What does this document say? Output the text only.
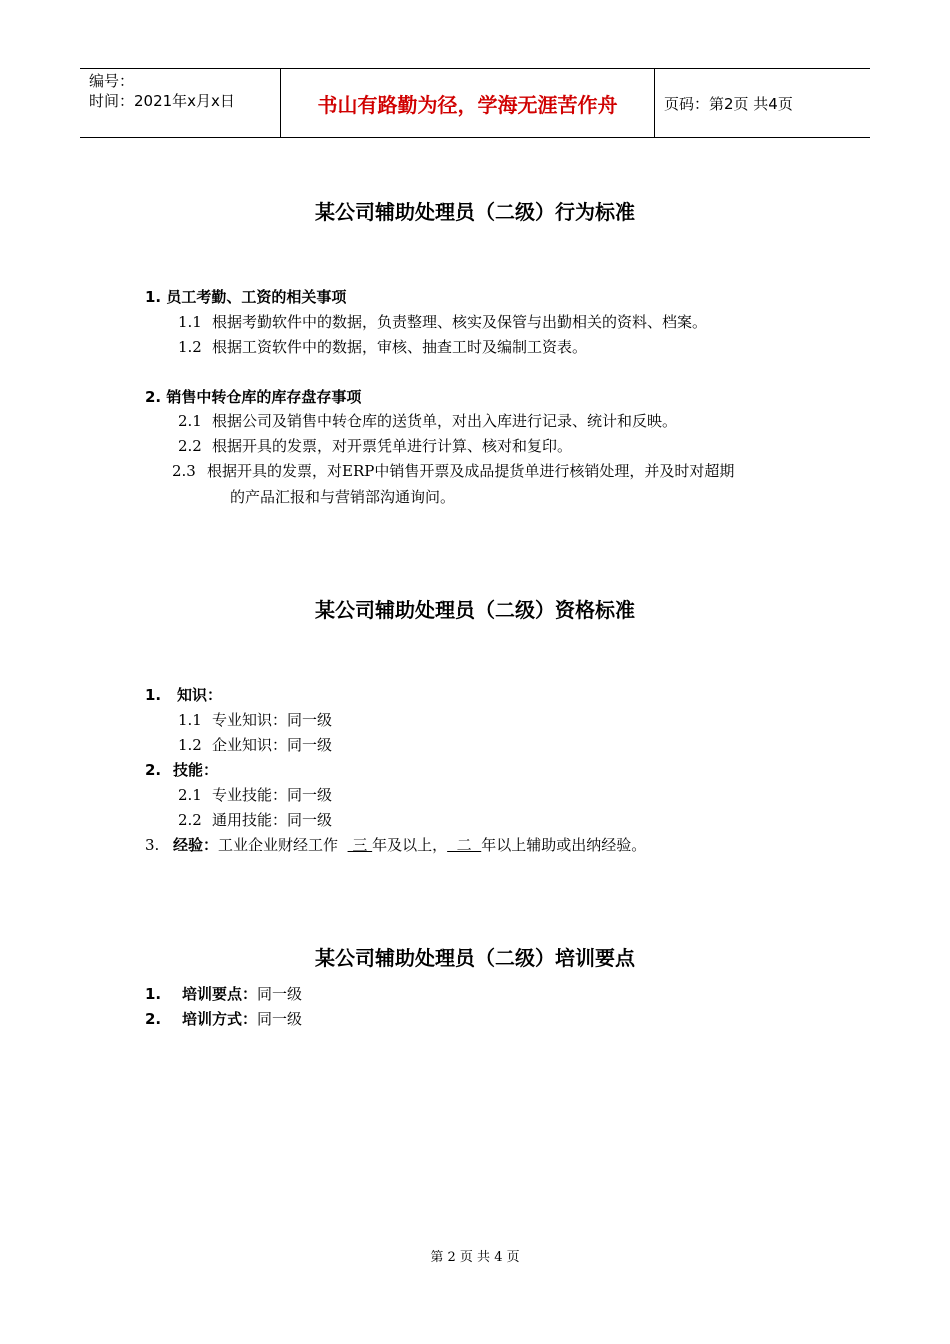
编号：
时间：2021年x月x日	书山有路勤为径，学海无涯苦作舟	页码：第2页 共4页
某公司辅助处理员（二级）行为标准
1. 员工考勤、工资的相关事项
1.1 根据考勤软件中的数据，负责整理、核实及保管与出勤相关的资料、档案。
1.2 根据工资软件中的数据，审核、抽查工时及编制工资表。
2. 销售中转仓库的库存盘存事项
2.1 根据公司及销售中转仓库的送货单，对出入库进行记录、统计和反映。
2.2 根据开具的发票，对开票凭单进行计算、核对和复印。
2.3 根据开具的发票，对ERP中销售开票及成品提货单进行核销处理，并及时对超期
的产品汇报和与营销部沟通询问。
某公司辅助处理员（二级）资格标准
1. 知识：
1.1 专业知识：同一级
1.2 企业知识：同一级
2. 技能：
2.1 专业技能：同一级
2.2 通用技能：同一级
3. 经验：工业企业财经工作   三 年及以上，  二  年以上辅助或出纳经验。
某公司辅助处理员（二级）培训要点
1. 培训要点：同一级
2. 培训方式：同一级
第 2 页 共 4 页
